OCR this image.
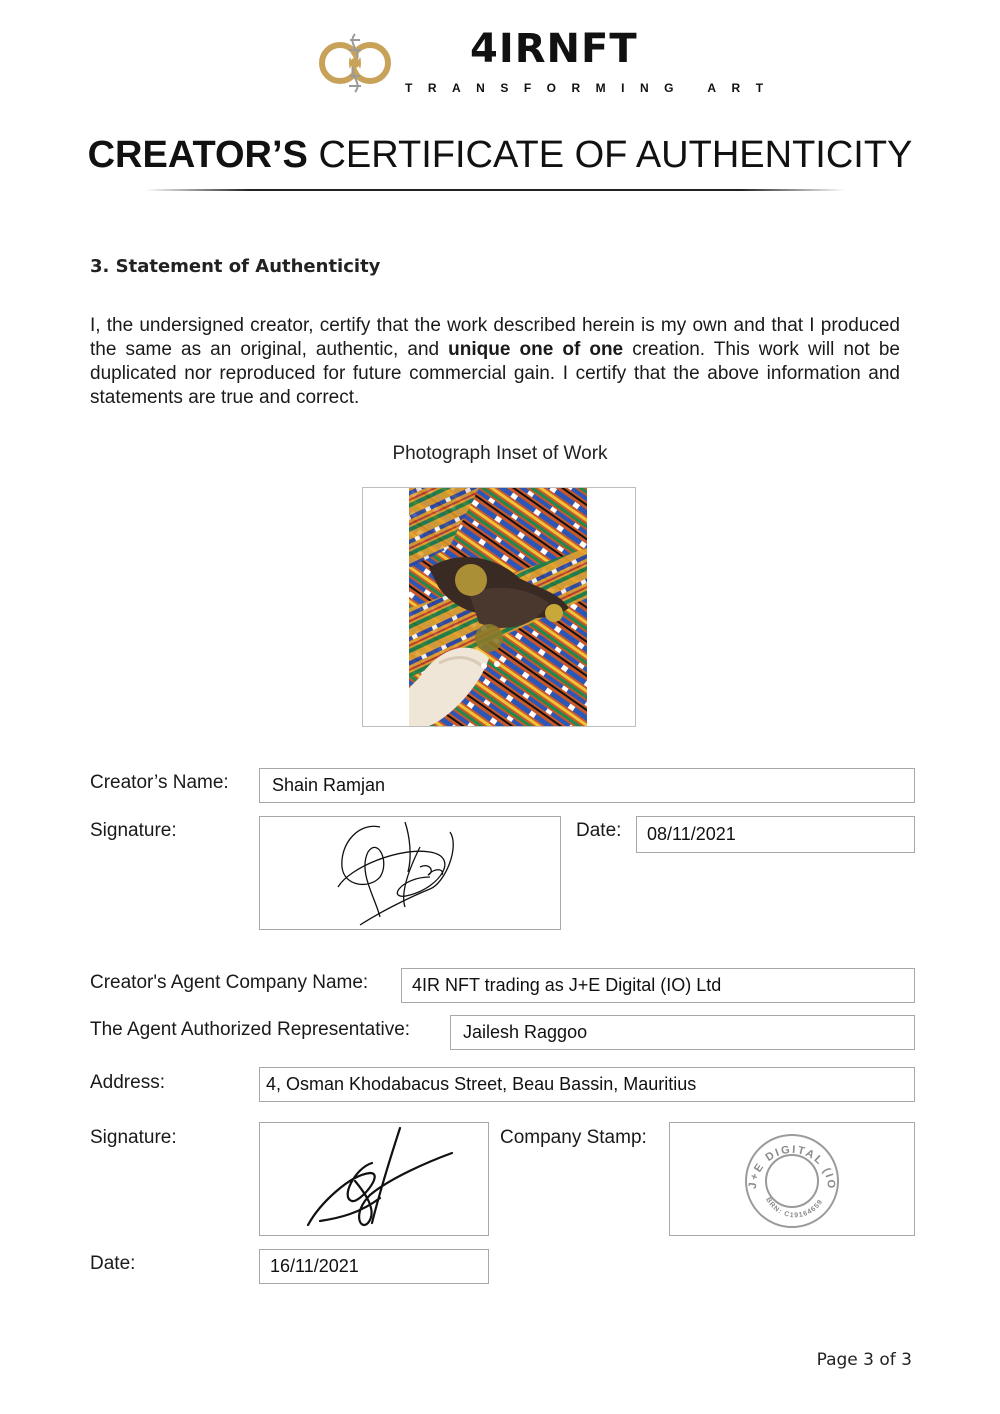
4IRNFT
TRANSFORMING ART
CREATOR’S CERTIFICATE OF AUTHENTICITY
3. Statement of Authenticity
I, the undersigned creator, certify that the work described herein is my own and that I produced the same as an original, authentic, and unique one of one creation. This work will not be duplicated nor reproduced for future commercial gain. I certify that the above information and statements are true and correct.
Photograph Inset of Work
Creator’s Name:	Shain Ramjan
Signature:	Date:	08/11/2021
Creator's Agent Company Name:	4IR NFT trading as J+E Digital (IO) Ltd
The Agent Authorized Representative:	Jailesh Raggoo
Address:	4, Osman Khodabacus Street, Beau Bassin, Mauritius
Signature:	Company Stamp:
J+E DIGITAL (IO
BRN: C19164659
Date:	16/11/2021
Page 3 of 3
